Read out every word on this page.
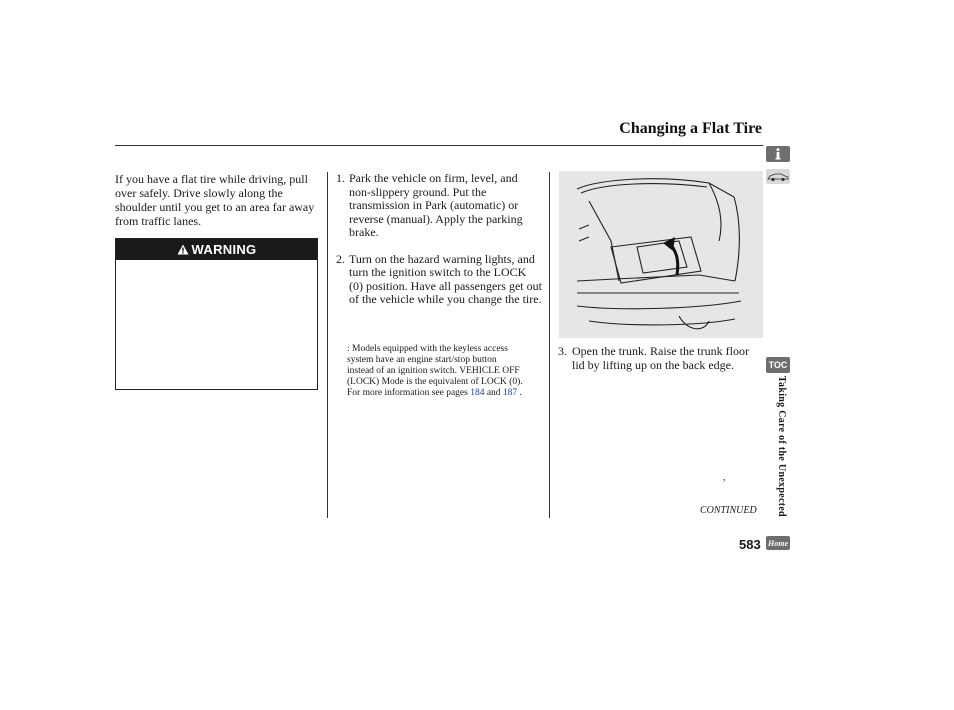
Changing a Flat Tire
If you have a flat tire while driving, pull over safely. Drive slowly along the shoulder until you get to an area far away from traffic lanes.
WARNING
1. Park the vehicle on firm, level, and non-slippery ground. Put the transmission in Park (automatic) or reverse (manual). Apply the parking brake.
2. Turn on the hazard warning lights, and turn the ignition switch to the LOCK (0) position. Have all passengers get out of the vehicle while you change the tire.
: Models equipped with the keyless access system have an engine start/stop button instead of an ignition switch. VEHICLE OFF (LOCK) Mode is the equivalent of LOCK (0). For more information see pages 184 and 187 .
3. Open the trunk. Raise the trunk floor lid by lifting up on the back edge.
,
CONTINUED
583
TOC
Taking Care of the Unexpected
Home
